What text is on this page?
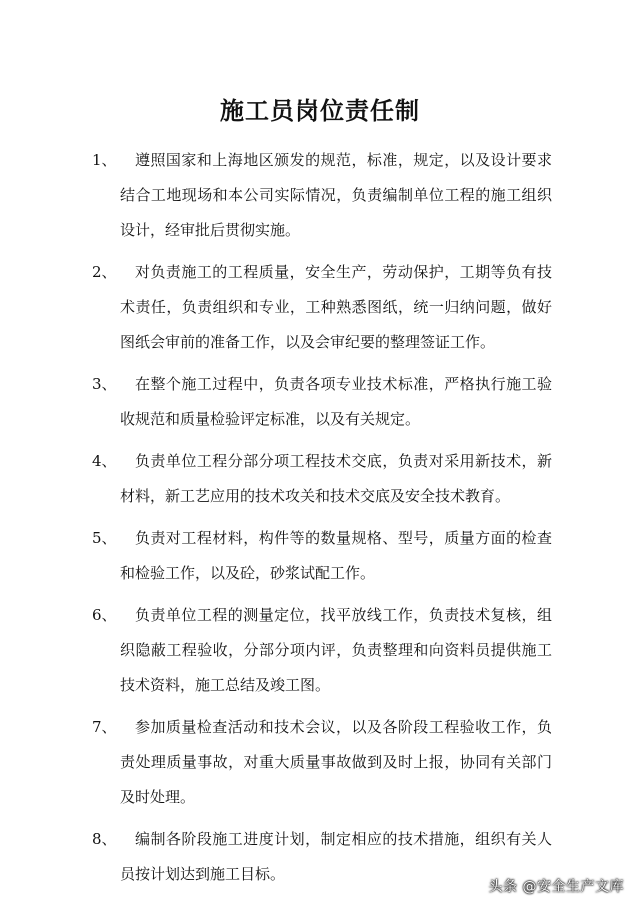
施工员岗位责任制
1、	遵照国家和上海地区颁发的规范，标准，规定，以及设计要求结合工地现场和本公司实际情况，负责编制单位工程的施工组织设计，经审批后贯彻实施。
2、	对负责施工的工程质量，安全生产，劳动保护，工期等负有技术责任，负责组织和专业，工种熟悉图纸，统一归纳问题，做好图纸会审前的准备工作，以及会审纪要的整理签证工作。
3、	在整个施工过程中，负责各项专业技术标准，严格执行施工验收规范和质量检验评定标准，以及有关规定。
4、	负责单位工程分部分项工程技术交底，负责对采用新技术，新材料，新工艺应用的技术攻关和技术交底及安全技术教育。
5、	负责对工程材料，构件等的数量规格、型号，质量方面的检查和检验工作，以及砼，砂浆试配工作。
6、	负责单位工程的测量定位，找平放线工作，负责技术复核，组织隐蔽工程验收，分部分项内评，负责整理和向资料员提供施工技术资料，施工总结及竣工图。
7、	参加质量检查活动和技术会议，以及各阶段工程验收工作，负责处理质量事故，对重大质量事故做到及时上报，协同有关部门及时处理。
8、	编制各阶段施工进度计划，制定相应的技术措施，组织有关人员按计划达到施工目标。
头条 @安全生产文库
